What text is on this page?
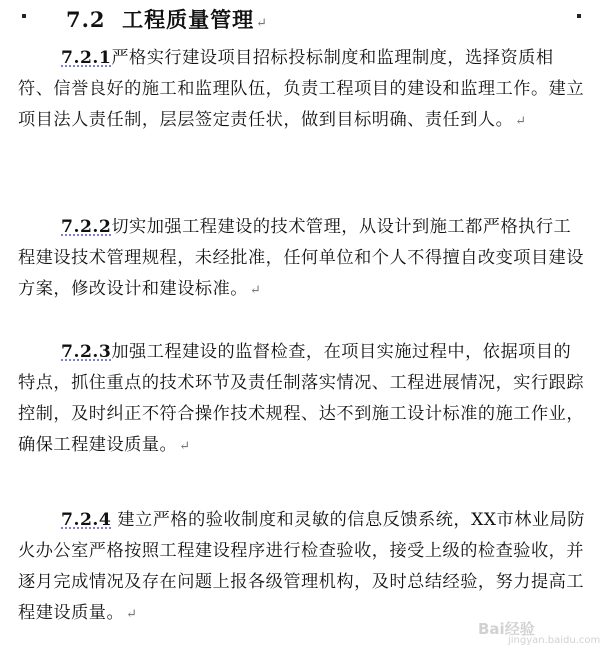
7.2 工程质量管理 ↵

7.2.1严格实行建设项目招标投标制度和监理制度，选择资质相符、信誉良好的施工和监理队伍，负责工程项目的建设和监理工作。建立项目法人责任制，层层签定责任状，做到目标明确、责任到人。 ↵

7.2.2切实加强工程建设的技术管理，从设计到施工都严格执行工程建设技术管理规程，未经批准，任何单位和个人不得擅自改变项目建设方案，修改设计和建设标准。 ↵

7.2.3加强工程建设的监督检查，在项目实施过程中，依据项目的特点，抓住重点的技术环节及责任制落实情况、工程进展情况，实行跟踪控制，及时纠正不符合操作技术规程、达不到施工设计标准的施工作业，确保工程建设质量。 ↵

7.2.4 建立严格的验收制度和灵敏的信息反馈系统，XX市林业局防火办公室严格按照工程建设程序进行检查验收，接受上级的检查验收，并逐月完成情况及存在问题上报各级管理机构，及时总结经验，努力提高工程建设质量。 ↵

Bai经验
jingyan.baidu.com
